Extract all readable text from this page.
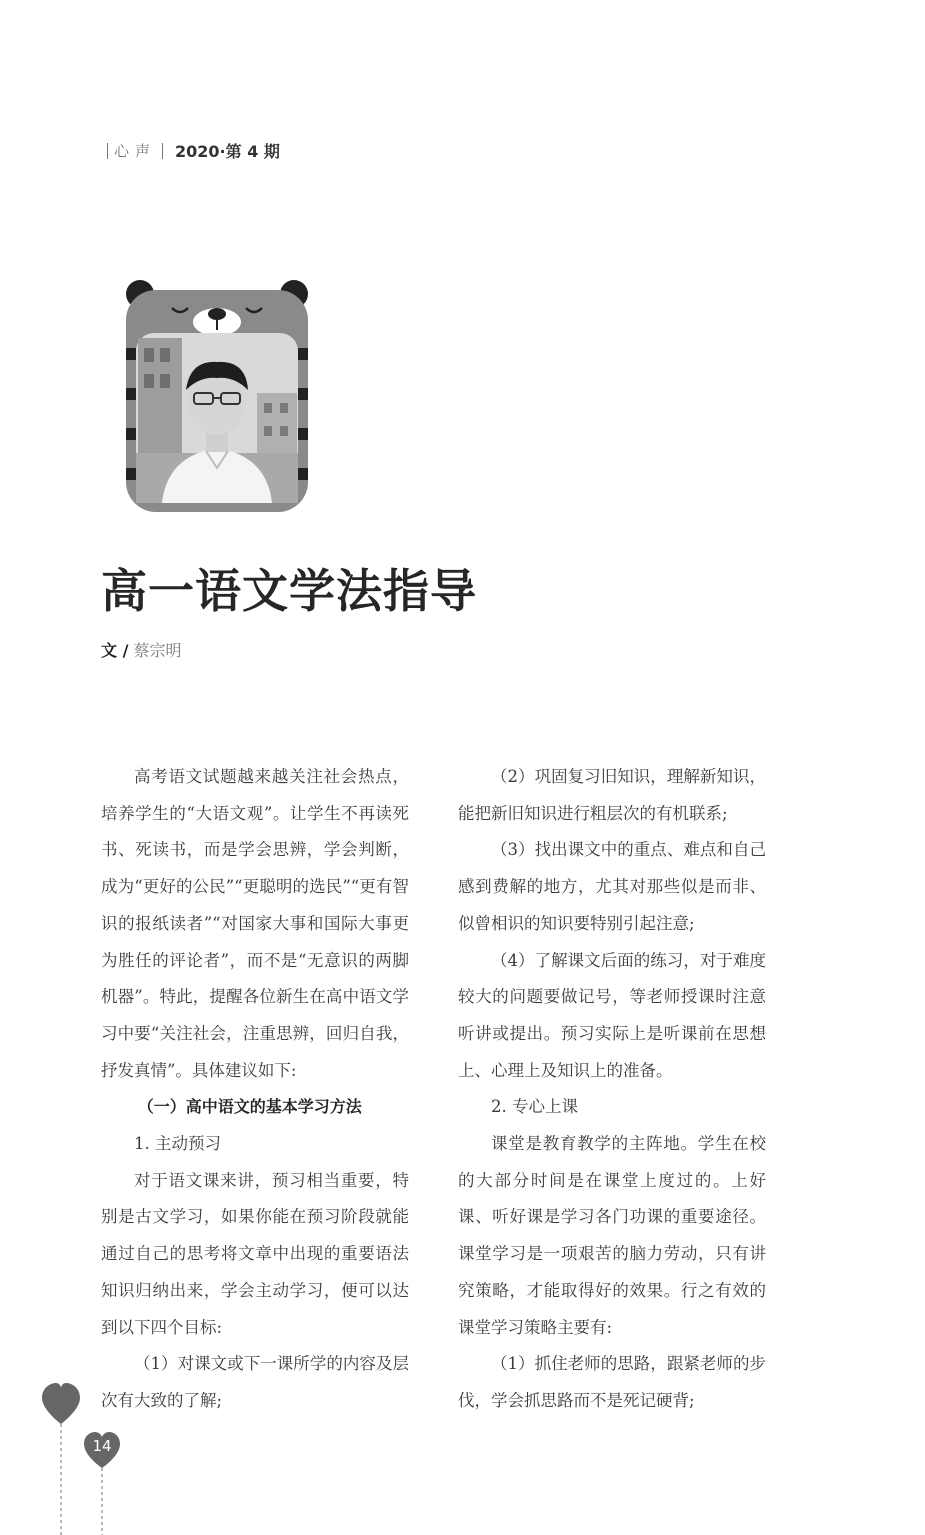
心声 2020·第 4 期
高一语文学法指导
文 / 蔡宗明

高考语文试题越来越关注社会热点，培养学生的“大语文观”。让学生不再读死书、死读书，而是学会思辨，学会判断，成为“更好的公民”“更聪明的选民”“更有智识的报纸读者”“对国家大事和国际大事更为胜任的评论者”，而不是“无意识的两脚机器”。特此，提醒各位新生在高中语文学习中要“关注社会，注重思辨，回归自我，抒发真情”。具体建议如下:

（一）高中语文的基本学习方法

1. 主动预习

对于语文课来讲，预习相当重要，特别是古文学习，如果你能在预习阶段就能通过自己的思考将文章中出现的重要语法知识归纳出来，学会主动学习，便可以达到以下四个目标:

（1）对课文或下一课所学的内容及层次有大致的了解;

（2）巩固复习旧知识，理解新知识，能把新旧知识进行粗层次的有机联系;

（3）找出课文中的重点、难点和自己感到费解的地方，尤其对那些似是而非、似曾相识的知识要特别引起注意;

（4）了解课文后面的练习，对于难度较大的问题要做记号，等老师授课时注意听讲或提出。预习实际上是听课前在思想上、心理上及知识上的准备。

2. 专心上课

课堂是教育教学的主阵地。学生在校的大部分时间是在课堂上度过的。上好课、听好课是学习各门功课的重要途径。课堂学习是一项艰苦的脑力劳动，只有讲究策略，才能取得好的效果。行之有效的课堂学习策略主要有:

（1）抓住老师的思路，跟紧老师的步伐，学会抓思路而不是死记硬背;

14
